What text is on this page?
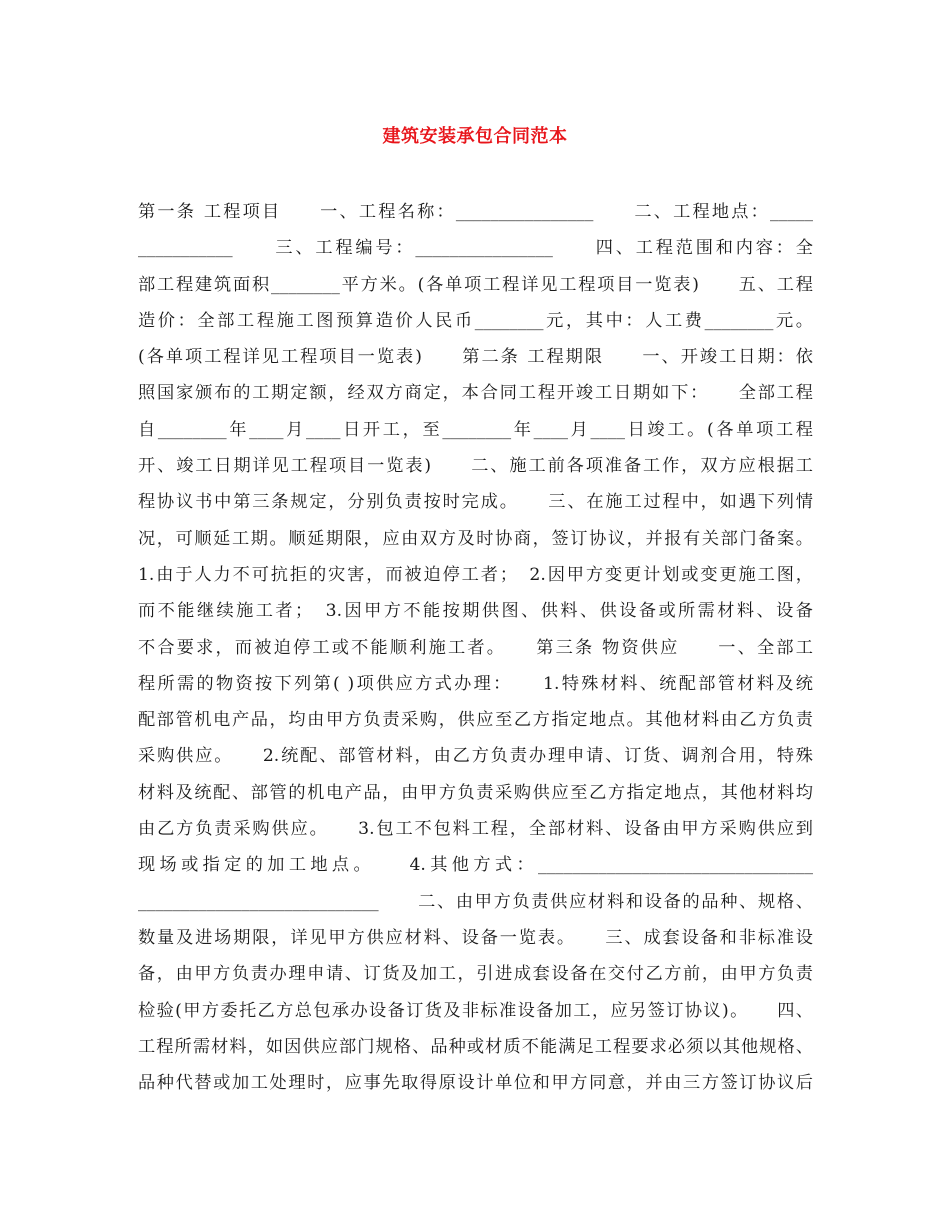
建筑安装承包合同范本
第一条 工程项目　　一、工程名称：________________　　二、工程地点：_____
___________　　三、工程编号：________________　　四、工程范围和内容：全
部工程建筑面积________平方米。(各单项工程详见工程项目一览表)　　五、工程
造价：全部工程施工图预算造价人民币________元，其中：人工费________元。
(各单项工程详见工程项目一览表)　　第二条 工程期限　　一、开竣工日期：依
照国家颁布的工期定额，经双方商定，本合同工程开竣工日期如下：　　全部工程
自________年____月____日开工，至________年____月____日竣工。(各单项工程
开、竣工日期详见工程项目一览表)　　二、施工前各项准备工作，双方应根据工
程协议书中第三条规定，分别负责按时完成。　　三、在施工过程中，如遇下列情
况，可顺延工期。顺延期限，应由双方及时协商，签订协议，并报有关部门备案。
1.由于人力不可抗拒的灾害，而被迫停工者；　2.因甲方变更计划或变更施工图，
而不能继续施工者；　3.因甲方不能按期供图、供料、供设备或所需材料、设备
不合要求，而被迫停工或不能顺利施工者。　　第三条 物资供应　　一、全部工
程所需的物资按下列第( )项供应方式办理：　　1.特殊材料、统配部管材料及统
配部管机电产品，均由甲方负责采购，供应至乙方指定地点。其他材料由乙方负责
采购供应。　　2.统配、部管材料，由乙方负责办理申请、订货、调剂合用，特殊
材料及统配、部管的机电产品，由甲方负责采购供应至乙方指定地点，其他材料均
由乙方负责采购供应。　　3.包工不包料工程，全部材料、设备由甲方采购供应到
现场或指定的加工地点。　　4.其他方式：________________________________
____________________________　　二、由甲方负责供应材料和设备的品种、规格、
数量及进场期限，详见甲方供应材料、设备一览表。　　三、成套设备和非标准设
备，由甲方负责办理申请、订货及加工，引进成套设备在交付乙方前，由甲方负责
检验(甲方委托乙方总包承办设备订货及非标准设备加工，应另签订协议)。　　四、
工程所需材料，如因供应部门规格、品种或材质不能满足工程要求必须以其他规格、
品种代替或加工处理时，应事先取得原设计单位和甲方同意，并由三方签订协议后
